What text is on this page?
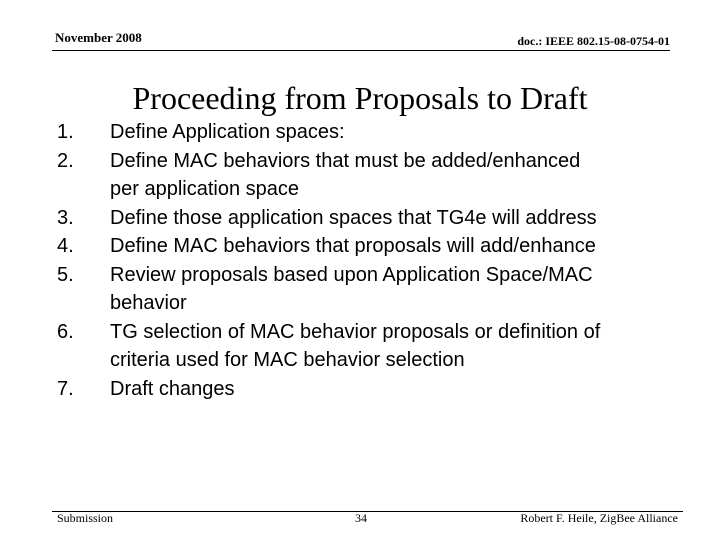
November 2008	doc.: IEEE 802.15-08-0754-01
Proceeding from Proposals to Draft
1. Define Application spaces:
2. Define MAC behaviors that must be added/enhanced per application space
3. Define those application spaces that TG4e will address
4. Define MAC behaviors that proposals will add/enhance
5. Review proposals based upon Application Space/MAC behavior
6. TG selection of MAC behavior proposals or definition of criteria used for MAC behavior selection
7. Draft changes
Submission	34	Robert F. Heile, ZigBee Alliance
